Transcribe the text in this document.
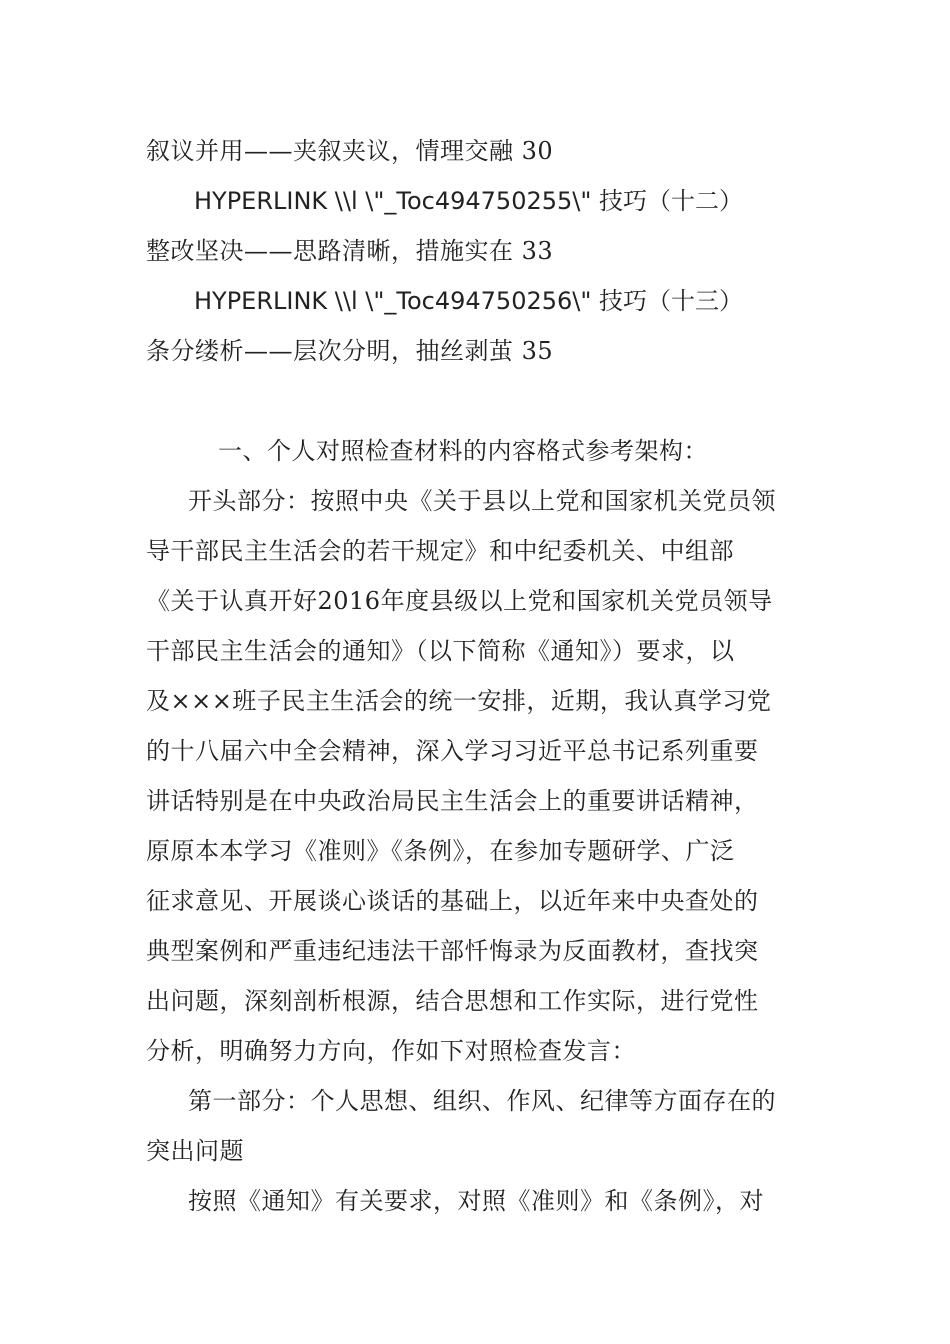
叙议并用——夹叙夹议，情理交融 30
HYPERLINK \\l \"_Toc494750255\" 技巧（十二）
整改坚决——思路清晰，措施实在 33
HYPERLINK \\l \"_Toc494750256\" 技巧（十三）
条分缕析——层次分明，抽丝剥茧 35
一、个人对照检查材料的内容格式参考架构：
开头部分：按照中央《关于县以上党和国家机关党员领
导干部民主生活会的若干规定》和中纪委机关、中组部
《关于认真开好2016年度县级以上党和国家机关党员领导
干部民主生活会的通知》（以下简称《通知》）要求，以
及×××班子民主生活会的统一安排，近期，我认真学习党
的十八届六中全会精神，深入学习习近平总书记系列重要
讲话特别是在中央政治局民主生活会上的重要讲话精神，
原原本本学习《准则》《条例》，在参加专题研学、广泛
征求意见、开展谈心谈话的基础上，以近年来中央查处的
典型案例和严重违纪违法干部忏悔录为反面教材，查找突
出问题，深刻剖析根源，结合思想和工作实际，进行党性
分析，明确努力方向，作如下对照检查发言：
第一部分：个人思想、组织、作风、纪律等方面存在的
突出问题
按照《通知》有关要求，对照《准则》和《条例》，对
